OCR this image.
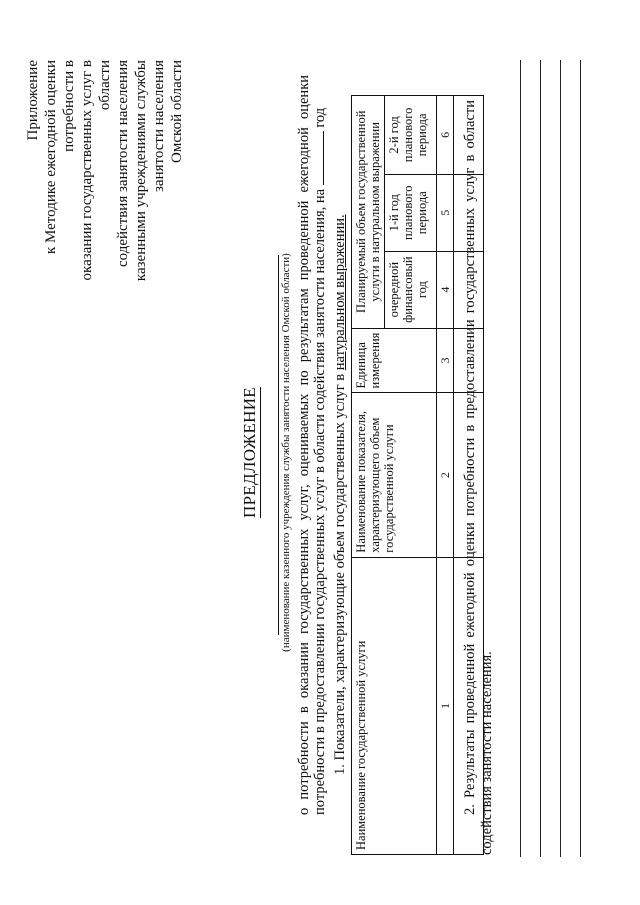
Приложение к Методике ежегодной оценки потребности в оказании государственных услуг в области содействия занятости населения казенными учреждениями службы занятости населения Омской области
ПРЕДЛОЖЕНИЕ (наименование казенного учреждения службы занятости населения Омской области) о потребности в оказании государственных услуг, оцениваемых по результатам проведенной ежегодной оценки потребности в предоставлении государственных услуг в области содействия занятости населения, на  год
1. Показатели, характеризующие объем государственных услуг в натуральном выражении.
Наименование государственной услуги	Наименование показателя, характеризующего объем государственной услуги	Единица измерения	Планируемый объем государственной услуги в натуральном выражении		
			очередной финансовый год	1-й год планового периода	2-й год планового периода
1	2	3	4	5	6
					2. Результаты проведенной ежегодной оценки потребности в предоставлении государственных услуг в области содействия занятости населения.
